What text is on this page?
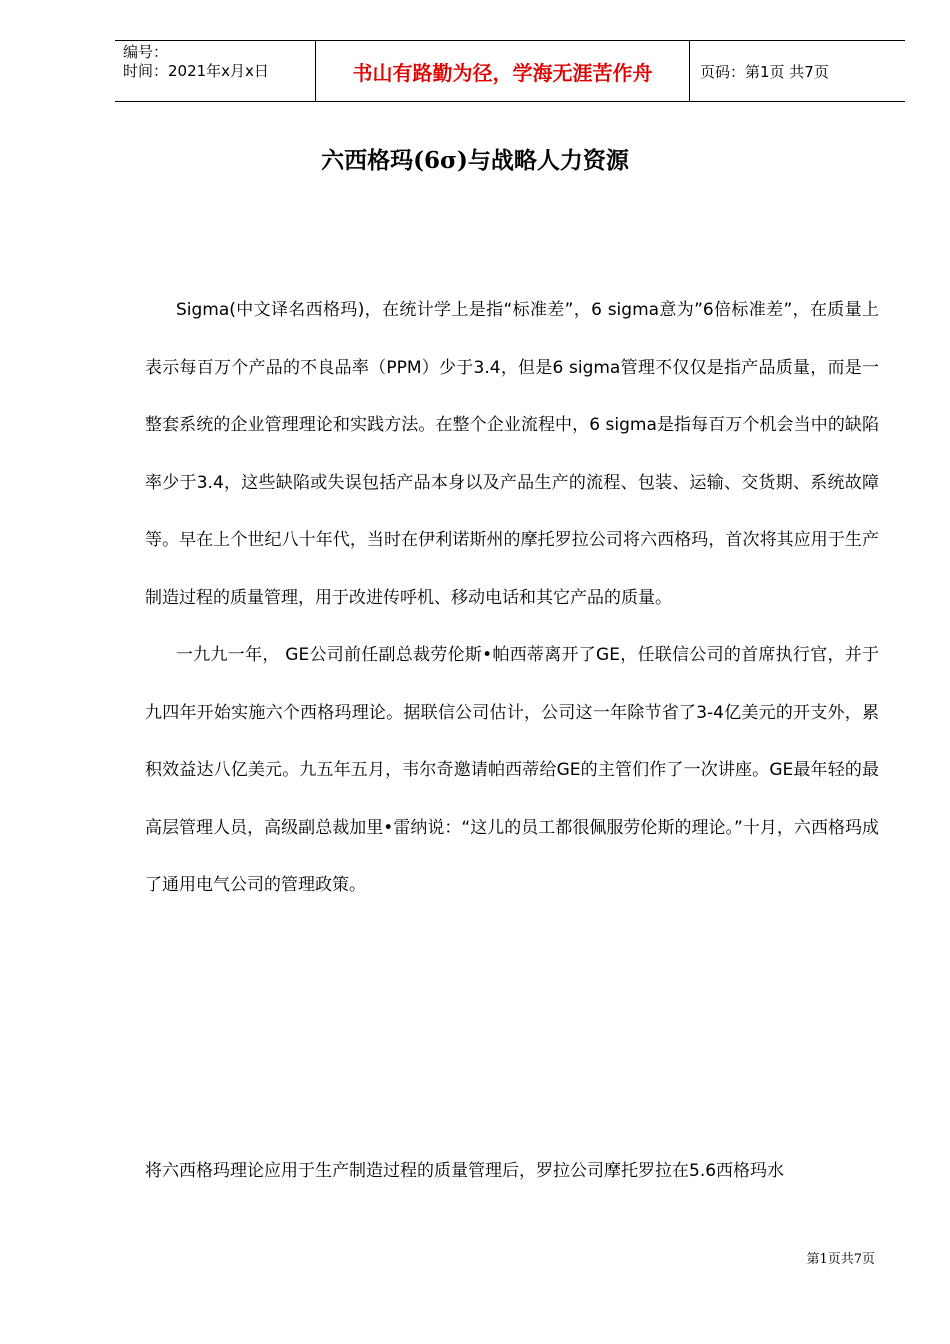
编号：
时间：2021年x月x日	书山有路勤为径，学海无涯苦作舟	页码：第1页 共7页
六西格玛(6σ)与战略人力资源

Sigma(中文译名西格玛)，在统计学上是指“标准差”，6 sigma意为”6倍标准差”，在质量上表示每百万个产品的不良品率（PPM）少于3.4，但是6 sigma管理不仅仅是指产品质量，而是一整套系统的企业管理理论和实践方法。在整个企业流程中，6 sigma是指每百万个机会当中的缺陷率少于3.4，这些缺陷或失误包括产品本身以及产品生产的流程、包装、运输、交货期、系统故障等。早在上个世纪八十年代，当时在伊利诺斯州的摩托罗拉公司将六西格玛，首次将其应用于生产制造过程的质量管理，用于改进传呼机、移动电话和其它产品的质量。

一九九一年， GE公司前任副总裁劳伦斯•帕西蒂离开了GE，任联信公司的首席执行官，并于九四年开始实施六个西格玛理论。据联信公司估计，公司这一年除节省了3-4亿美元的开支外，累积效益达八亿美元。九五年五月，韦尔奇邀请帕西蒂给GE的主管们作了一次讲座。GE最年轻的最高层管理人员，高级副总裁加里•雷纳说：“这儿的员工都很佩服劳伦斯的理论。”十月，六西格玛成了通用电气公司的管理政策。

将六西格玛理论应用于生产制造过程的质量管理后，罗拉公司摩托罗拉在5.6西格玛水

第1页共7页
